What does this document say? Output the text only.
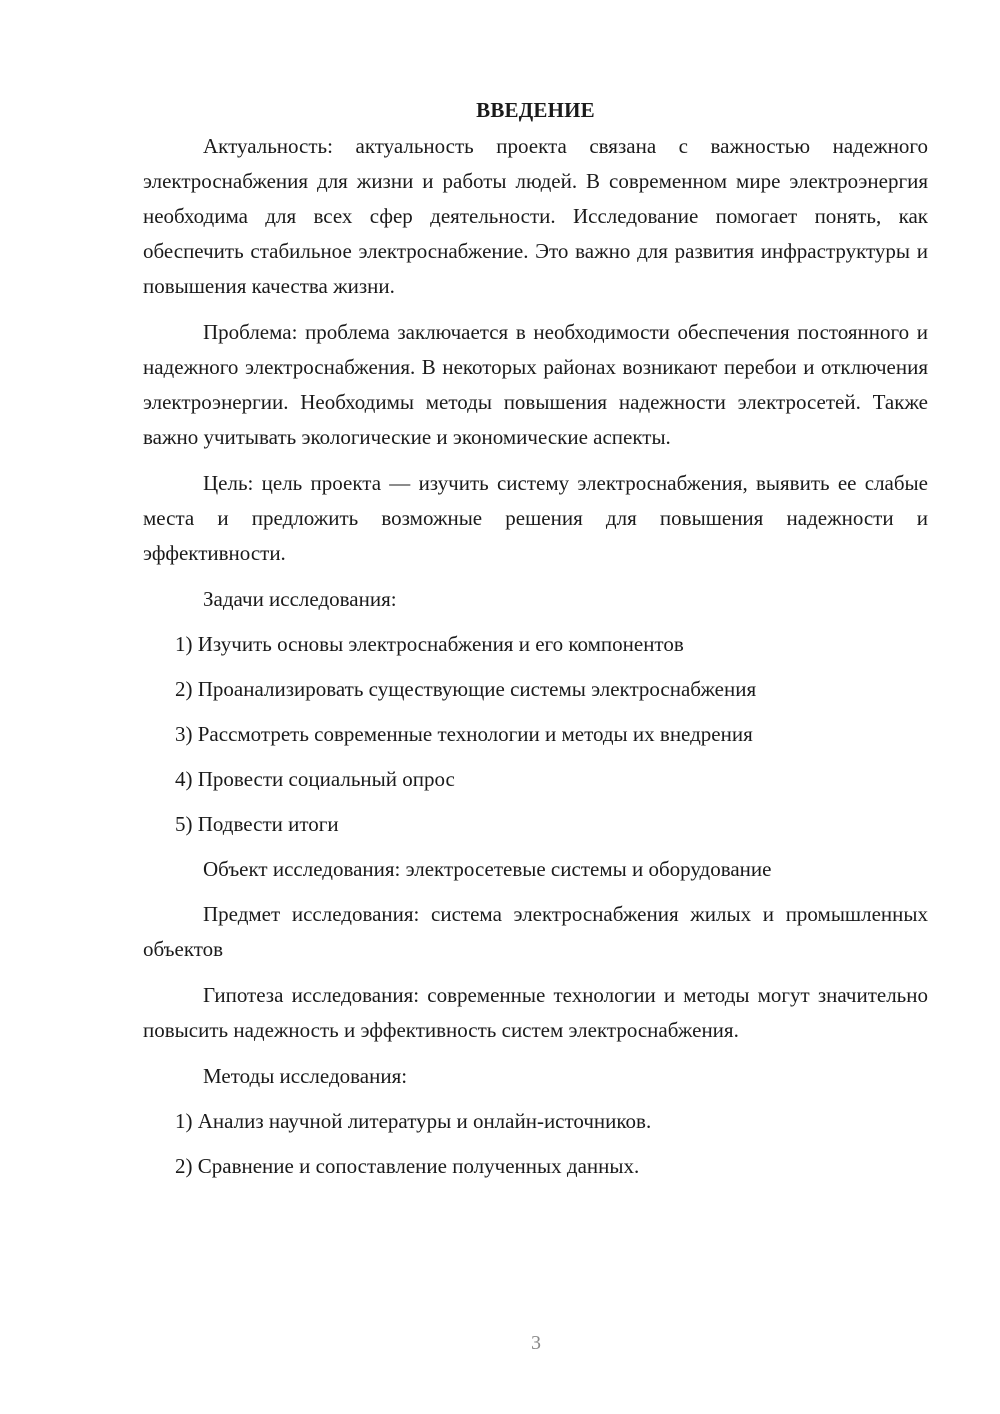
ВВЕДЕНИЕ

Актуальность: актуальность проекта связана с важностью надежного электроснабжения для жизни и работы людей. В современном мире электроэнергия необходима для всех сфер деятельности. Исследование помогает понять, как обеспечить стабильное электроснабжение. Это важно для развития инфраструктуры и повышения качества жизни.

Проблема: проблема заключается в необходимости обеспечения постоянного и надежного электроснабжения. В некоторых районах возникают перебои и отключения электроэнергии. Необходимы методы повышения надежности электросетей. Также важно учитывать экологические и экономические аспекты.

Цель: цель проекта — изучить систему электроснабжения, выявить ее слабые места и предложить возможные решения для повышения надежности и эффективности.

Задачи исследования:

1) Изучить основы электроснабжения и его компонентов
2) Проанализировать существующие системы электроснабжения
3) Рассмотреть современные технологии и методы их внедрения
4) Провести социальный опрос
5) Подвести итоги

Объект исследования: электросетевые системы и оборудование

Предмет исследования: система электроснабжения жилых и промышленных объектов

Гипотеза исследования: современные технологии и методы могут значительно повысить надежность и эффективность систем электроснабжения.

Методы исследования:

1) Анализ научной литературы и онлайн-источников.
2) Сравнение и сопоставление полученных данных.
3
